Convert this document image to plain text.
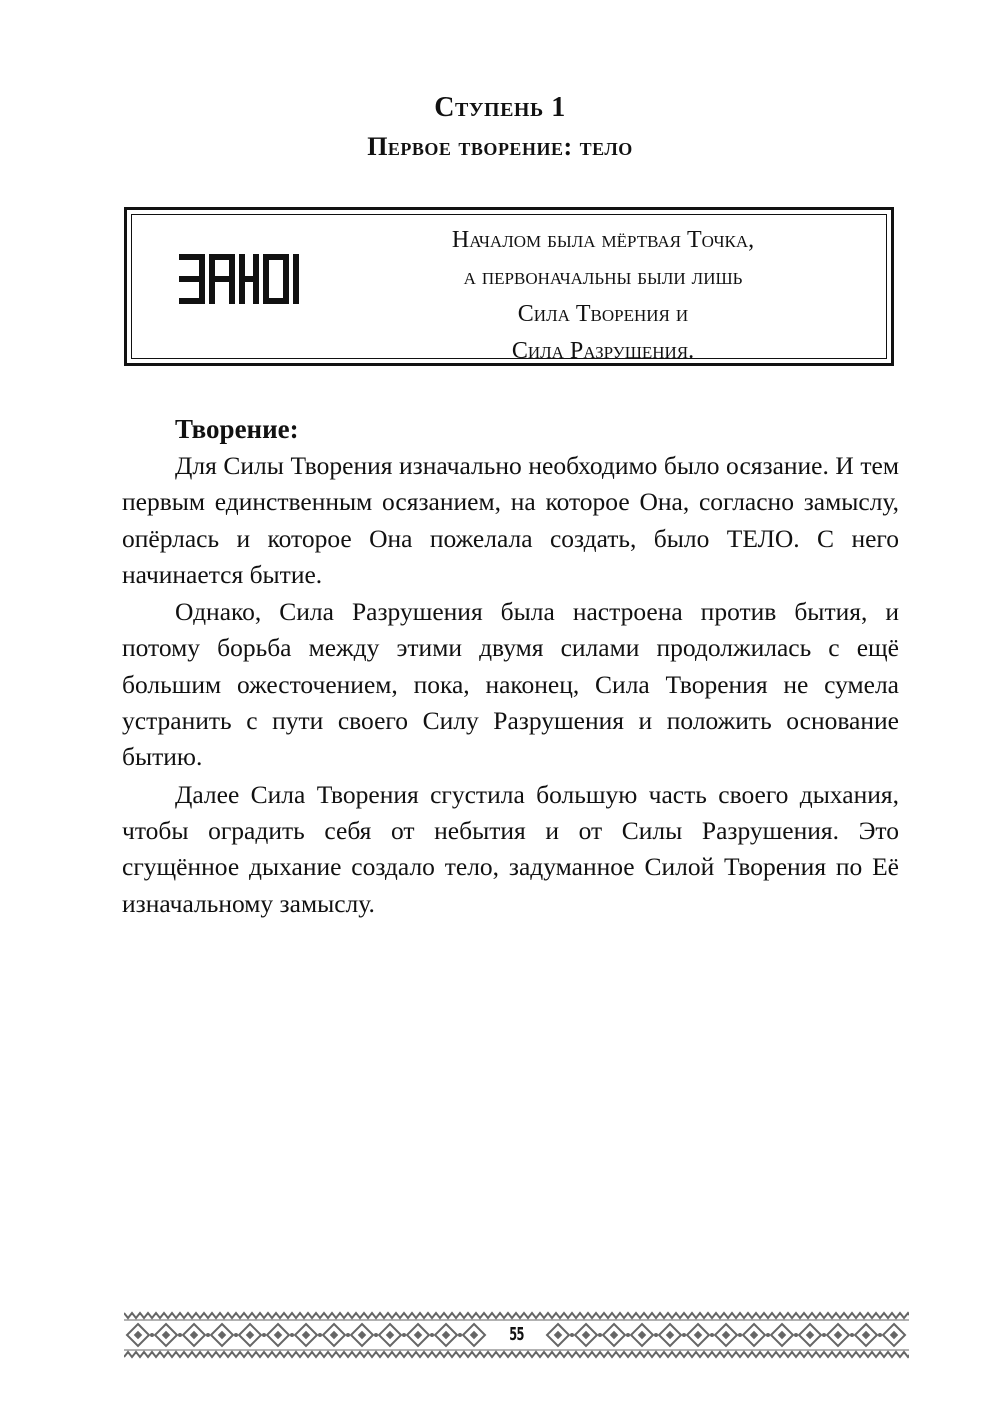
Ступень 1
Первое творение: тело
Началом была мёртвая Точка,
а первоначальны были лишь
Сила Творения и
Сила Разрушения.
Творение:

Для Силы Творения изначально необходимо было осязание. И тем первым единственным осязанием, на которое Она, согласно замыслу, опёрлась и которое Она пожелала создать, было ТЕЛО. С него начинается бытие.

Однако, Сила Разрушения была настроена против бытия, и потому борьба между этими двумя силами продолжилась с ещё большим ожесточением, пока, наконец, Сила Творения не сумела устранить с пути своего Силу Разрушения и положить основание бытию.

Далее Сила Творения сгустила большую часть своего дыхания, чтобы оградить себя от небытия и от Силы Разрушения. Это сгущённое дыхание создало тело, задуманное Силой Творения по Её изначальному замыслу.

55
